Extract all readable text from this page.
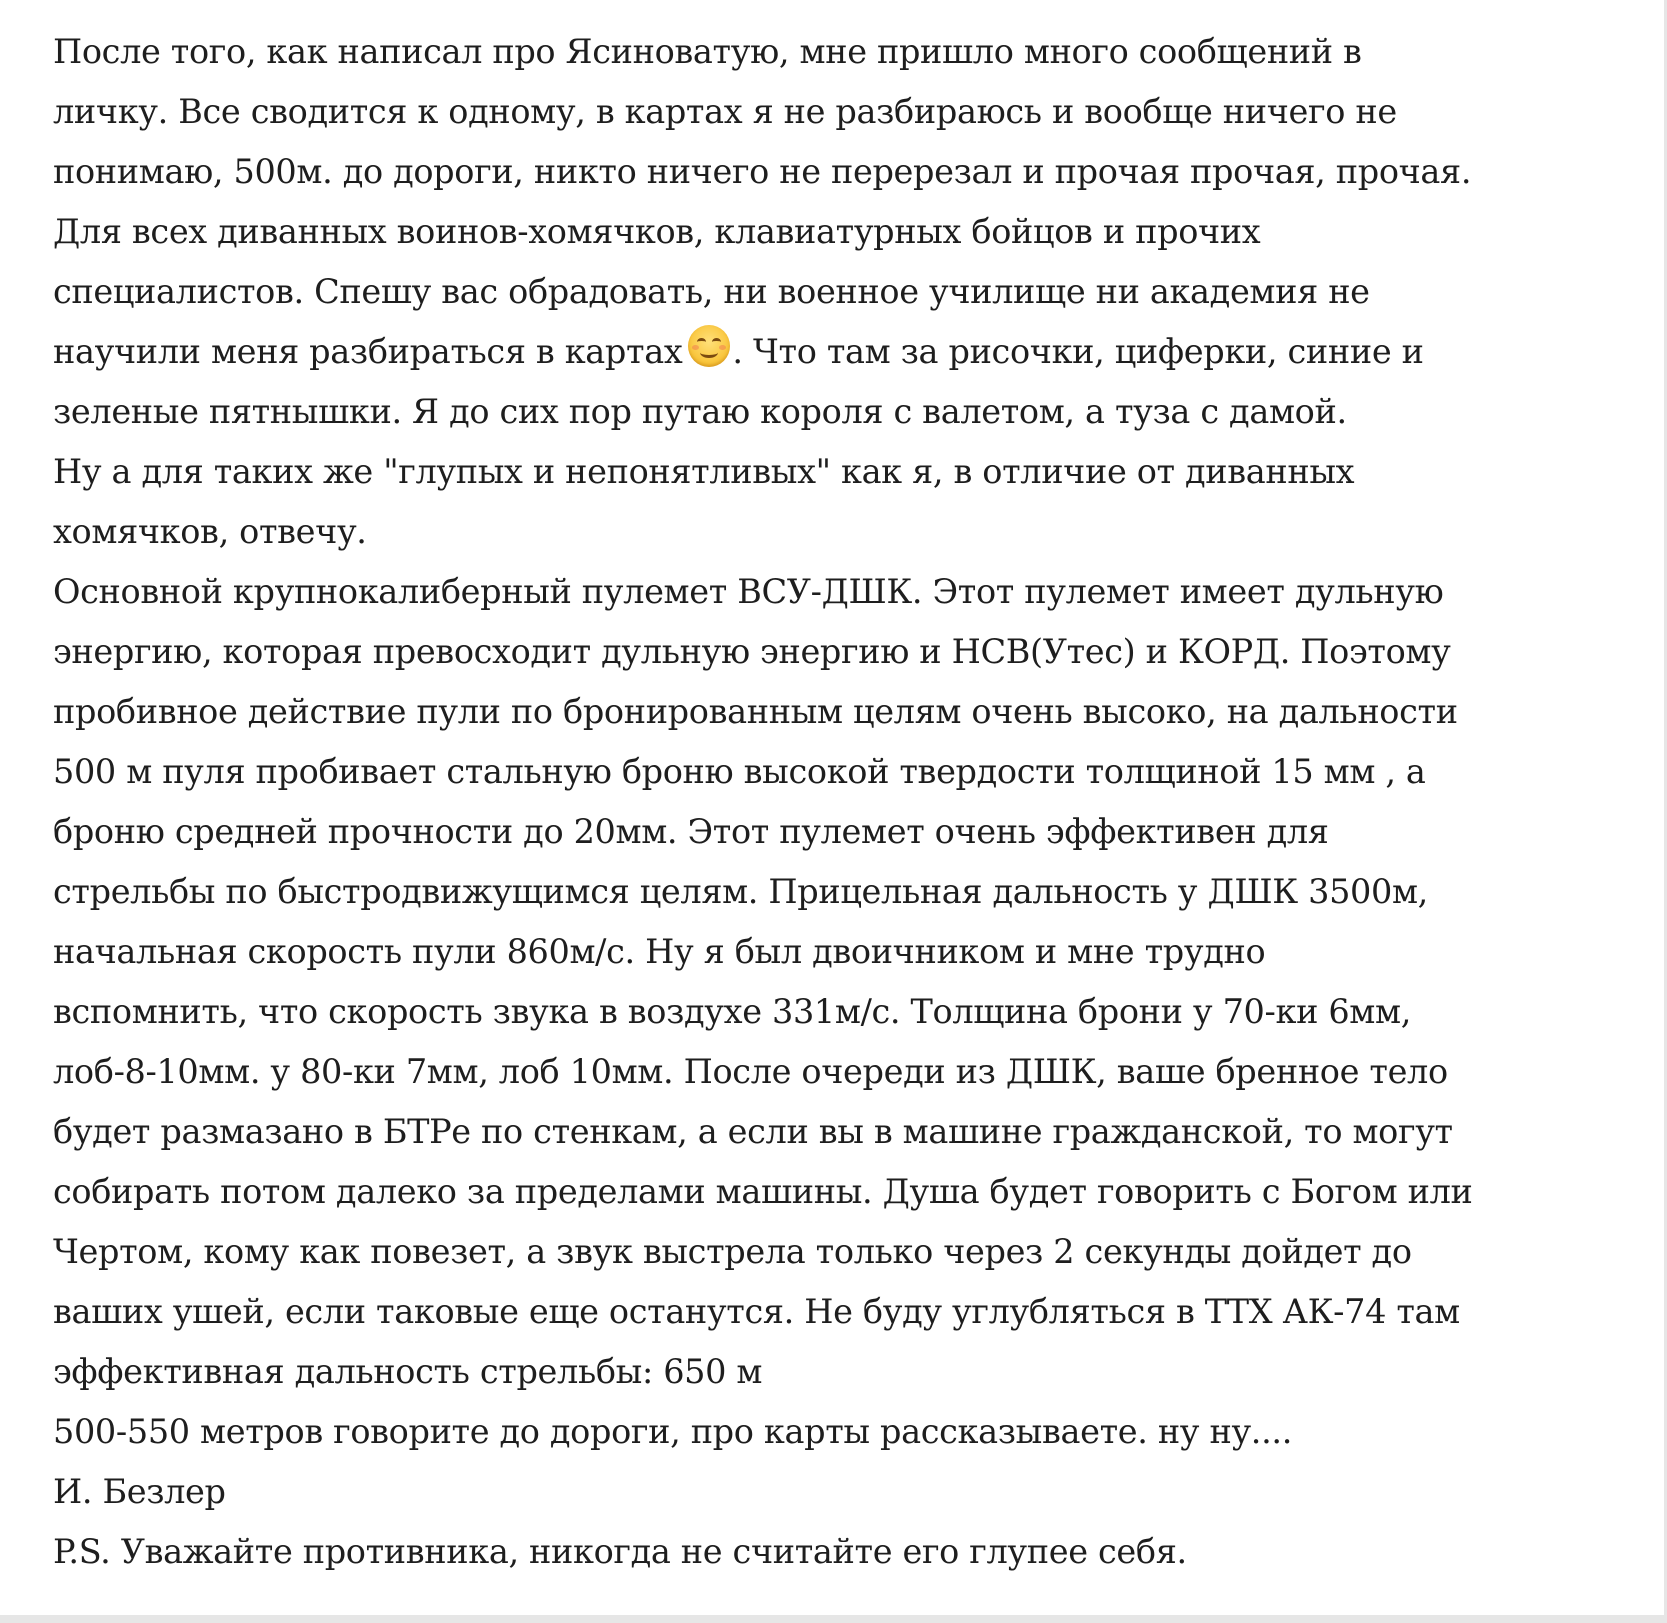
После того, как написал про Ясиноватую, мне пришло много сообщений в
личку. Все сводится к одному, в картах я не разбираюсь и вообще ничего не
понимаю, 500м. до дороги, никто ничего не перерезал и прочая прочая, прочая.
Для всех диванных воинов-хомячков, клавиатурных бойцов и прочих
специалистов. Спешу вас обрадовать, ни военное училище ни академия не
научили меня разбираться в картах . Что там за рисочки, циферки, синие и
зеленые пятнышки. Я до сих пор путаю короля с валетом, а туза с дамой.
Ну а для таких же "глупых и непонятливых" как я, в отличие от диванных
хомячков, отвечу.
Основной крупнокалиберный пулемет ВСУ-ДШК. Этот пулемет имеет дульную
энергию, которая превосходит дульную энергию и НСВ(Утес) и КОРД. Поэтому
пробивное действие пули по бронированным целям очень высоко, на дальности
500 м пуля пробивает стальную броню высокой твердости толщиной 15 мм , а
броню средней прочности до 20мм. Этот пулемет очень эффективен для
стрельбы по быстродвижущимся целям. Прицельная дальность у ДШК 3500м,
начальная скорость пули 860м/с. Ну я был двоичником и мне трудно
вспомнить, что скорость звука в воздухе 331м/с. Толщина брони у 70-ки 6мм,
лоб-8-10мм. у 80-ки 7мм, лоб 10мм. После очереди из ДШК, ваше бренное тело
будет размазано в БТРе по стенкам, а если вы в машине гражданской, то могут
собирать потом далеко за пределами машины. Душа будет говорить с Богом или
Чертом, кому как повезет, а звук выстрела только через 2 секунды дойдет до
ваших ушей, если таковые еще останутся. Не буду углубляться в ТТХ АК-74 там
эффективная дальность стрельбы: 650 м
500-550 метров говорите до дороги, про карты рассказываете. ну ну....
И. Безлер
P.S. Уважайте противника, никогда не считайте его глупее себя.
